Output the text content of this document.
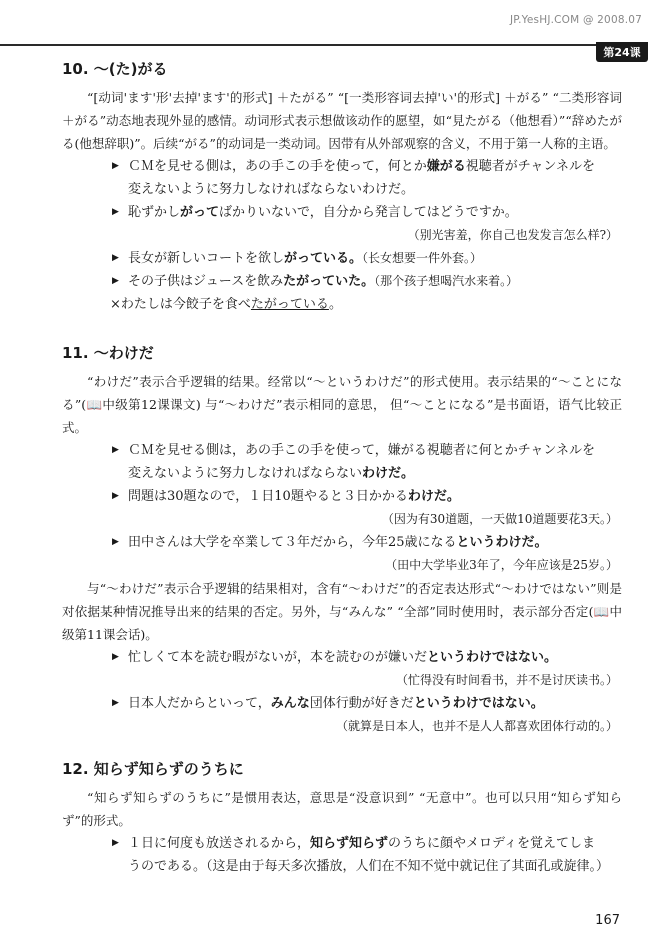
JP.YesHJ.COM @ 2008.07
第24课
10. ～(た)がる

“[动词'ます'形'去掉'ます'的形式] ＋たがる” “[一类形容词去掉'い'的形式] ＋がる” “二类形容词＋がる”动态地表现外显的感情。动词形式表示想做该动作的愿望，如“見たがる（他想看）”“辞めたがる(他想辞职)”。后续“がる”的动词是一类动词。因带有从外部观察的含义，不用于第一人称的主语。

▶ ＣＭを見せる側は，あの手この手を使って，何とか嫌がる視聴者がチャンネルを
変えないように努力しなければならないわけだ。
▶ 恥ずかしがってばかりいないで，自分から発言してはどうですか。

（别光害羞，你自己也发发言怎么样?）

▶ 長女が新しいコートを欲しがっている。（长女想要一件外套。）
▶ その子供はジュースを飲みたがっていた。（那个孩子想喝汽水来着。）
×わたしは今餃子を食べたがっている。
11. ～わけだ

“わけだ”表示合乎逻辑的结果。经常以“～というわけだ”的形式使用。表示结果的“～ことになる”(📖中级第12课课文) 与“～わけだ”表示相同的意思， 但“～ことになる”是书面语，语气比较正式。

▶ ＣＭを見せる側は，あの手この手を使って，嫌がる視聴者に何とかチャンネルを
変えないように努力しなければならないわけだ。
▶ 問題は30題なので，１日10題やると３日かかるわけだ。

（因为有30道题，一天做10道题要花3天。）

▶ 田中さんは大学を卒業して３年だから，今年25歳になるというわけだ。

（田中大学毕业3年了，今年应该是25岁。）

与“～わけだ”表示合乎逻辑的结果相对，含有“～わけだ”的否定表达形式“～わけではない”则是对依据某种情况推导出来的结果的否定。另外，与“みんな” “全部”同时使用时，表示部分否定(📖中级第11课会话)。

▶ 忙しくて本を読む暇がないが，本を読むのが嫌いだというわけではない。

（忙得没有时间看书，并不是讨厌读书。）

▶ 日本人だからといって，みんな団体行動が好きだというわけではない。

（就算是日本人，也并不是人人都喜欢团体行动的。）

12. 知らず知らずのうちに

“知らず知らずのうちに”是惯用表达，意思是“没意识到” “无意中”。也可以只用“知らず知らず”的形式。

▶ １日に何度も放送されるから，知らず知らずのうちに顔やメロディを覚えてしま
うのである。（这是由于每天多次播放，人们在不知不觉中就记住了其面孔或旋律。）
167
